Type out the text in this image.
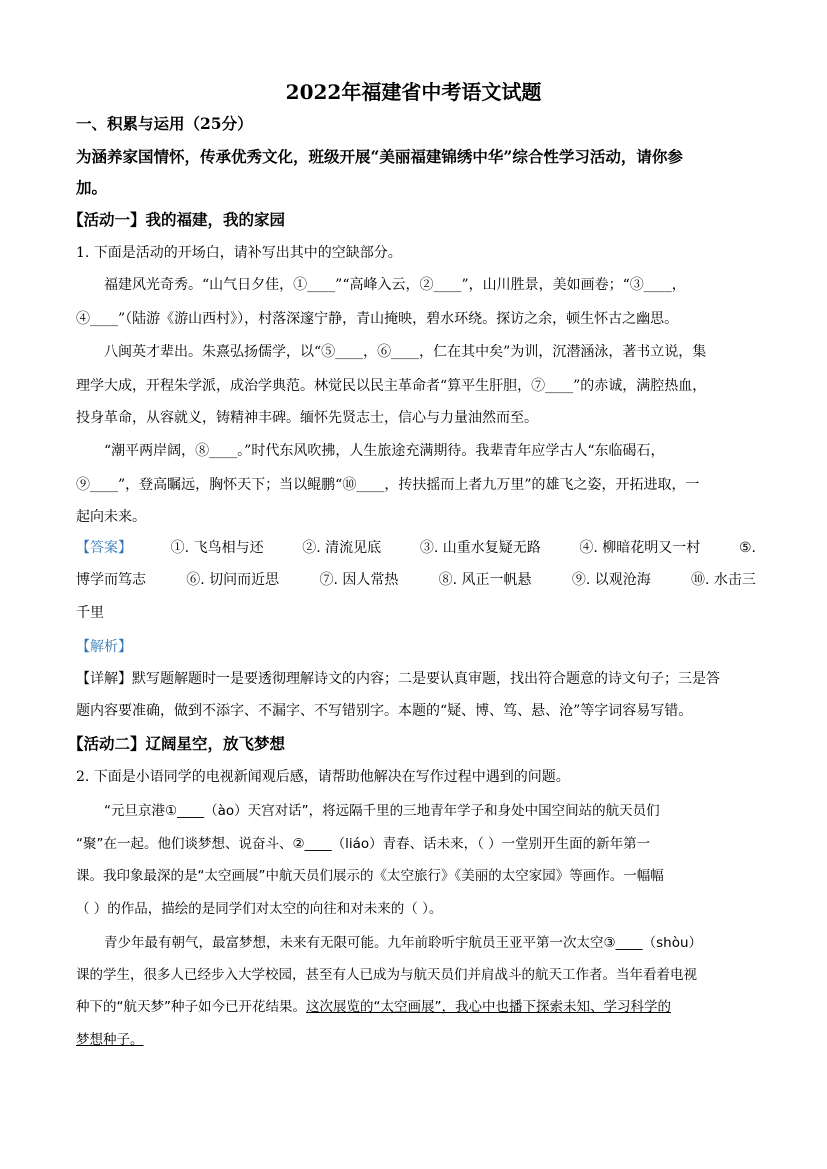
2022年福建省中考语文试题
一、积累与运用（25分）
为涵养家国情怀，传承优秀文化，班级开展“美丽福建锦绣中华”综合性学习活动，请你参
加。
【活动一】我的福建，我的家园
1. 下面是活动的开场白，请补写出其中的空缺部分。
福建风光奇秀。“山气日夕佳，①____”“高峰入云，②____”，山川胜景，美如画卷；“③____，
④____”（陆游《游山西村》），村落深邃宁静，青山掩映，碧水环绕。探访之余，顿生怀古之幽思。
八闽英才辈出。朱熹弘扬儒学，以“⑤____，⑥____，仁在其中矣”为训，沉潜涵泳，著书立说，集
理学大成，开程朱学派，成治学典范。林觉民以民主革命者“算平生肝胆，⑦____”的赤诚，满腔热血，
投身革命，从容就义，铸精神丰碑。缅怀先贤志士，信心与力量油然而至。
“潮平两岸阔，⑧____。”时代东风吹拂，人生旅途充满期待。我辈青年应学古人“东临碣石，
⑨____”，登高瞩远，胸怀天下；当以鲲鹏“⑩____，抟扶摇而上者九万里”的雄飞之姿，开拓进取，一
起向未来。
【答案】	①. 飞鸟相与还	②. 清流见底	③. 山重水复疑无路	④. 柳暗花明又一村	⑤.
博学而笃志	⑥. 切问而近思	⑦. 因人常热	⑧. 风正一帆悬	⑨. 以观沧海	⑩. 水击三
千里
【解析】
【详解】默写题解题时一是要透彻理解诗文的内容；二是要认真审题，找出符合题意的诗文句子；三是答
题内容要准确，做到不添字、不漏字、不写错别字。本题的“疑、博、笃、悬、沧”等字词容易写错。
【活动二】辽阔星空，放飞梦想
2. 下面是小语同学的电视新闻观后感，请帮助他解决在写作过程中遇到的问题。
“元旦京港①____（ào）天宫对话”，将远隔千里的三地青年学子和身处中国空间站的航天员们
“聚”在一起。他们谈梦想、说奋斗、②____（liáo）青春、话未来，（ ）一堂别开生面的新年第一
课。我印象最深的是“太空画展”中航天员们展示的《太空旅行》《美丽的太空家园》等画作。一幅幅
（ ）的作品，描绘的是同学们对太空的向往和对未来的（ ）。
青少年最有朝气，最富梦想，未来有无限可能。九年前聆听宇航员王亚平第一次太空③____（shòu）
课的学生，很多人已经步入大学校园，甚至有人已成为与航天员们并肩战斗的航天工作者。当年看着电视
种下的“航天梦”种子如今已开花结果。这次展览的“太空画展”，我心中也播下探索未知、学习科学的
梦想种子。
